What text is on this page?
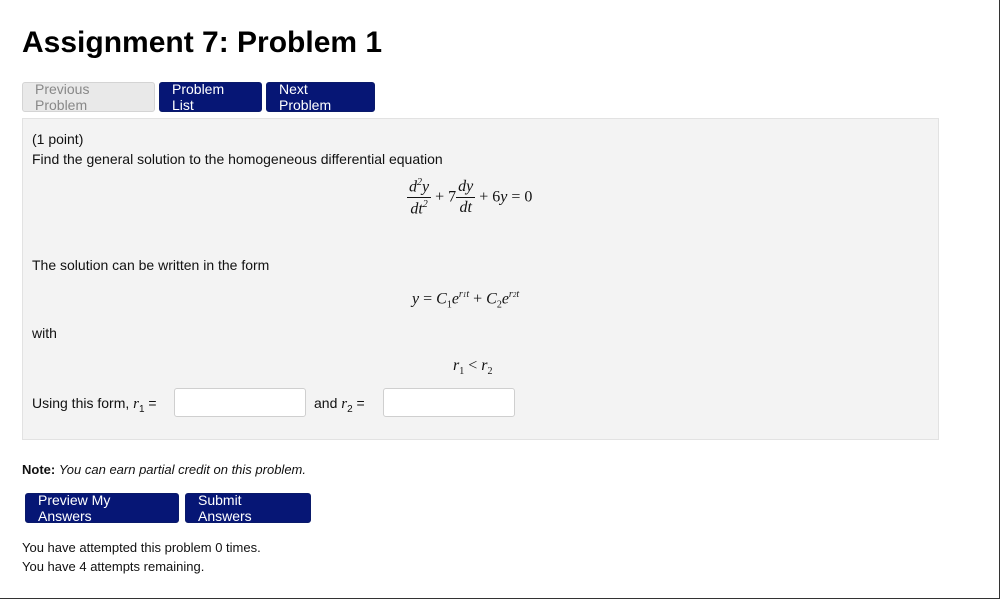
Assignment 7: Problem 1
Previous Problem
Problem List
Next Problem
(1 point)
Find the general solution to the homogeneous differential equation
$\frac{d^2y}{dt^2} + 7 \frac{dy}{dt} + 6y = 0$
The solution can be written in the form
$y = C_1e^{r1t} + C_2e^{r2t}$
with
$r_1 < r_2$
Using this form, $r_1$ =	and $r_2$ =
Note: You can earn partial credit on this problem.
Preview My Answers
Submit Answers
You have attempted this problem 0 times.
You have 4 attempts remaining.
